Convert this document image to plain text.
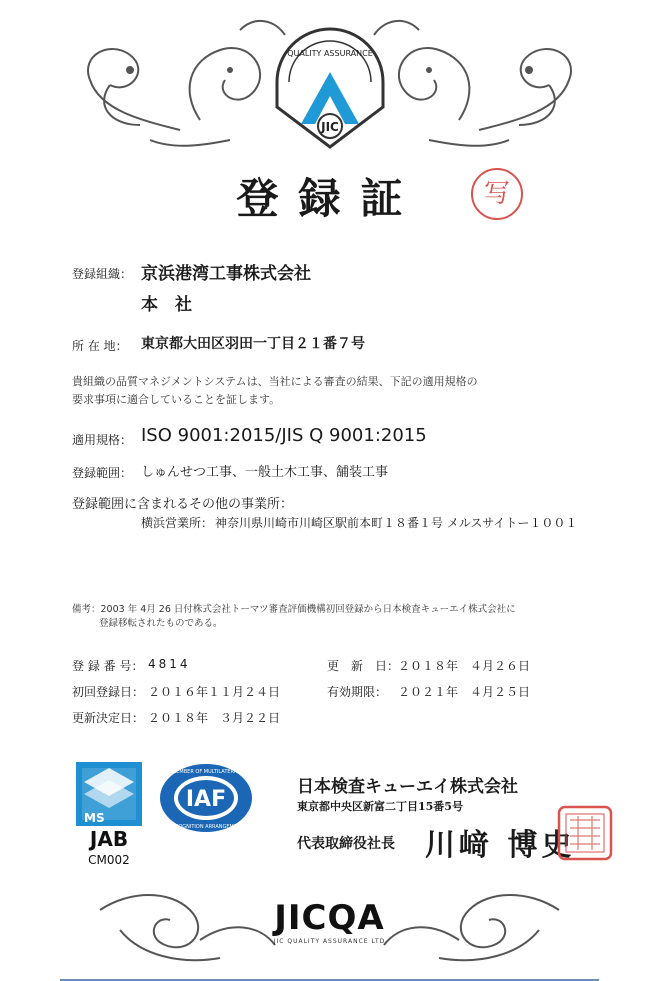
JIC
QUALITY ASSURANCE
登録証	写
登録組織： 京浜港湾工事株式会社
本　社
所 在 地： 東京都大田区羽田一丁目２１番７号
貴組織の品質マネジメントシステムは、当社による審査の結果、下記の適用規格の
要求事項に適合していることを証します。
適用規格： ISO 9001:2015/JIS Q 9001:2015
登録範囲： しゅんせつ工事、一般土木工事、舗装工事
登録範囲に含まれるその他の事業所：
横浜営業所： 神奈川県川崎市川崎区駅前本町１８番１号 メルスサイトー１００１
備考：2003 年 4月 26 日付株式会社トーマツ審査評価機構初回登録から日本検査キューエイ株式会社に
登録移転されたものである。
登 録 番 号： 4814
初回登録日： ２０１６年１１月２４日
更新決定日： ２０１８年　３月２２日
更　新　日：
２０１８年　４月２６日
有効期限： ２０２１年　４月２５日
MS
JAB
CM002
IAF
MEMBER OF MULTILATERAL
RECOGNITION ARRANGEMENT
日本検査キューエイ株式会社
東京都中央区新富二丁目15番5号
代表取締役社長 川﨑 博史
JICQA
JIC QUALITY ASSURANCE LTD
